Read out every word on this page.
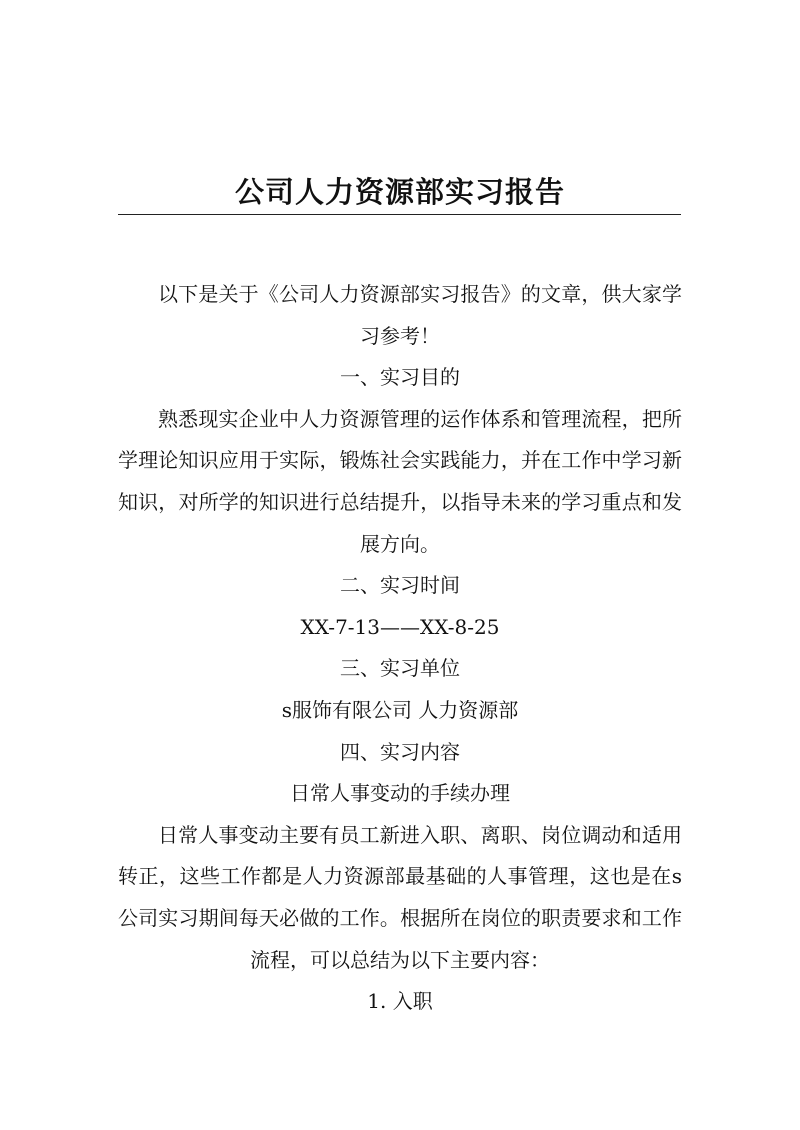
公司人力资源部实习报告

以下是关于《公司人力资源部实习报告》的文章，供大家学习参考！

一、实习目的

熟悉现实企业中人力资源管理的运作体系和管理流程，把所学理论知识应用于实际，锻炼社会实践能力，并在工作中学习新知识，对所学的知识进行总结提升，以指导未来的学习重点和发展方向。

二、实习时间

XX-7-13——XX-8-25

三、实习单位

s服饰有限公司 人力资源部

四、实习内容

日常人事变动的手续办理

日常人事变动主要有员工新进入职、离职、岗位调动和适用转正，这些工作都是人力资源部最基础的人事管理，这也是在s公司实习期间每天必做的工作。根据所在岗位的职责要求和工作流程，可以总结为以下主要内容：

1. 入职
